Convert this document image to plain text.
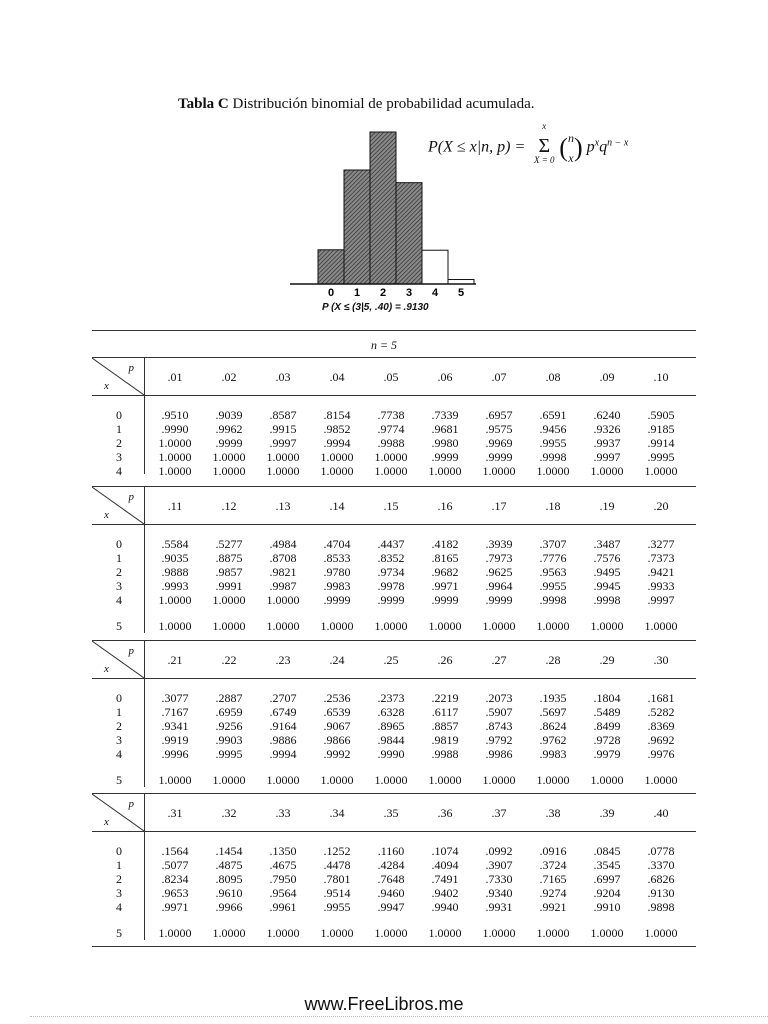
Tabla C Distribución binomial de probabilidad acumulada.
P(X ≤ x|n, p) =
x
Σ
X = 0 (n
x) $p^xq^{n - x}$
0 1 2 3 4 5
P (X ≤ (3|5, .40) = .9130
n = 5
p
x
.01	.02	.03	.04	.05	.06	.07	.08	.09	.10
0	.9510	.9039	.8587	.8154	.7738	.7339	.6957	.6591	.6240	.5905
1	.9990	.9962	.9915	.9852	.9774	.9681	.9575	.9456	.9326	.9185
2	1.0000	.9999	.9997	.9994	.9988	.9980	.9969	.9955	.9937	.9914
3	1.0000	1.0000	1.0000	1.0000	1.0000	.9999	.9999	.9998	.9997	.9995
4	1.0000	1.0000	1.0000	1.0000	1.0000	1.0000	1.0000	1.0000	1.0000	1.0000
p
x
.11	.12	.13	.14	.15	.16	.17	.18	.19	.20
0	.5584	.5277	.4984	.4704	.4437	.4182	.3939	.3707	.3487	.3277
1	.9035	.8875	.8708	.8533	.8352	.8165	.7973	.7776	.7576	.7373
2	.9888	.9857	.9821	.9780	.9734	.9682	.9625	.9563	.9495	.9421
3	.9993	.9991	.9987	.9983	.9978	.9971	.9964	.9955	.9945	.9933
4	1.0000	1.0000	1.0000	.9999	.9999	.9999	.9999	.9998	.9998	.9997
5	1.0000	1.0000	1.0000	1.0000	1.0000	1.0000	1.0000	1.0000	1.0000	1.0000
p
x
.21	.22	.23	.24	.25	.26	.27	.28	.29	.30
0	.3077	.2887	.2707	.2536	.2373	.2219	.2073	.1935	.1804	.1681
1	.7167	.6959	.6749	.6539	.6328	.6117	.5907	.5697	.5489	.5282
2	.9341	.9256	.9164	.9067	.8965	.8857	.8743	.8624	.8499	.8369
3	.9919	.9903	.9886	.9866	.9844	.9819	.9792	.9762	.9728	.9692
4	.9996	.9995	.9994	.9992	.9990	.9988	.9986	.9983	.9979	.9976
5	1.0000	1.0000	1.0000	1.0000	1.0000	1.0000	1.0000	1.0000	1.0000	1.0000
p
x
.31	.32	.33	.34	.35	.36	.37	.38	.39	.40
0	.1564	.1454	.1350	.1252	.1160	.1074	.0992	.0916	.0845	.0778
1	.5077	.4875	.4675	.4478	.4284	.4094	.3907	.3724	.3545	.3370
2	.8234	.8095	.7950	.7801	.7648	.7491	.7330	.7165	.6997	.6826
3	.9653	.9610	.9564	.9514	.9460	.9402	.9340	.9274	.9204	.9130
4	.9971	.9966	.9961	.9955	.9947	.9940	.9931	.9921	.9910	.9898
5	1.0000	1.0000	1.0000	1.0000	1.0000	1.0000	1.0000	1.0000	1.0000	1.0000
www.FreeLibros.me
